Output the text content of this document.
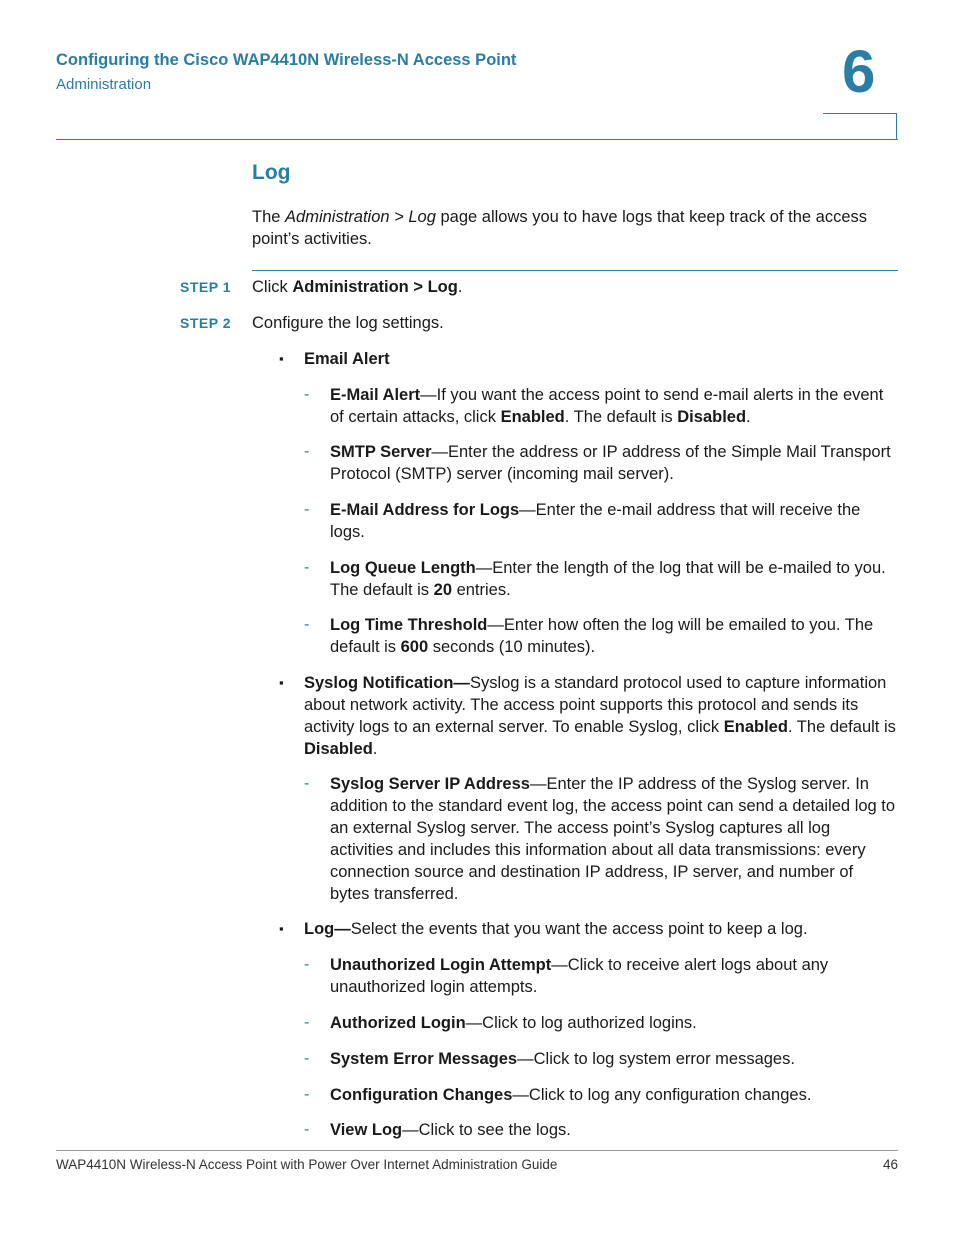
Configuring the Cisco WAP4410N Wireless-N Access Point
Administration	6
Log
The Administration > Log page allows you to have logs that keep track of the access point’s activities.
STEP 1 Click Administration > Log.
STEP 2 Configure the log settings.
▪ Email Alert
- E-Mail Alert—If you want the access point to send e-mail alerts in the event of certain attacks, click Enabled. The default is Disabled.
- SMTP Server—Enter the address or IP address of the Simple Mail Transport Protocol (SMTP) server (incoming mail server).
- E-Mail Address for Logs—Enter the e-mail address that will receive the logs.
- Log Queue Length—Enter the length of the log that will be e-mailed to you. The default is 20 entries.
- Log Time Threshold—Enter how often the log will be emailed to you. The default is 600 seconds (10 minutes).
▪ Syslog Notification—Syslog is a standard protocol used to capture information about network activity. The access point supports this protocol and sends its activity logs to an external server. To enable Syslog, click Enabled. The default is Disabled.
- Syslog Server IP Address—Enter the IP address of the Syslog server. In addition to the standard event log, the access point can send a detailed log to an external Syslog server. The access point’s Syslog captures all log activities and includes this information about all data transmissions: every connection source and destination IP address, IP server, and number of bytes transferred.
▪ Log—Select the events that you want the access point to keep a log.
- Unauthorized Login Attempt—Click to receive alert logs about any unauthorized login attempts.
- Authorized Login—Click to log authorized logins.
- System Error Messages—Click to log system error messages.
- Configuration Changes—Click to log any configuration changes.
- View Log—Click to see the logs.
WAP4410N Wireless-N Access Point with Power Over Internet Administration Guide	46
